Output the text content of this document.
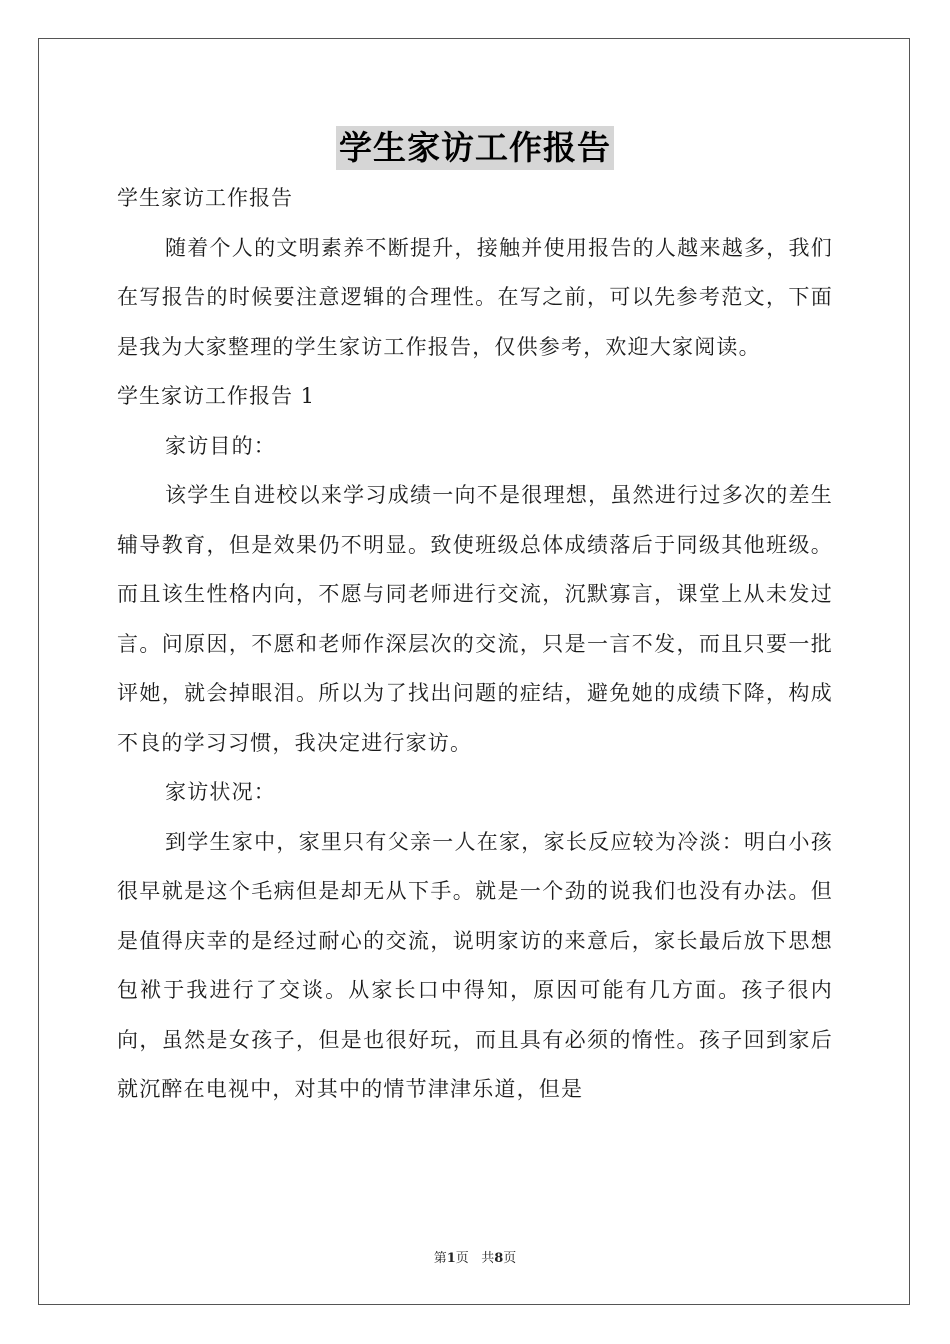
学生家访工作报告

学生家访工作报告

随着个人的文明素养不断提升，接触并使用报告的人越来越多，我们在写报告的时候要注意逻辑的合理性。在写之前，可以先参考范文，下面是我为大家整理的学生家访工作报告，仅供参考，欢迎大家阅读。

学生家访工作报告 1

家访目的：

该学生自进校以来学习成绩一向不是很理想，虽然进行过多次的差生辅导教育，但是效果仍不明显。致使班级总体成绩落后于同级其他班级。而且该生性格内向，不愿与同老师进行交流，沉默寡言，课堂上从未发过言。问原因，不愿和老师作深层次的交流，只是一言不发，而且只要一批评她，就会掉眼泪。所以为了找出问题的症结，避免她的成绩下降，构成不良的学习习惯，我决定进行家访。

家访状况：

到学生家中，家里只有父亲一人在家，家长反应较为冷淡：明白小孩很早就是这个毛病但是却无从下手。就是一个劲的说我们也没有办法。但是值得庆幸的是经过耐心的交流，说明家访的来意后，家长最后放下思想包袱于我进行了交谈。从家长口中得知，原因可能有几方面。孩子很内向，虽然是女孩子，但是也很好玩，而且具有必须的惰性。孩子回到家后就沉醉在电视中，对其中的情节津津乐道，但是

第1页 共8页
